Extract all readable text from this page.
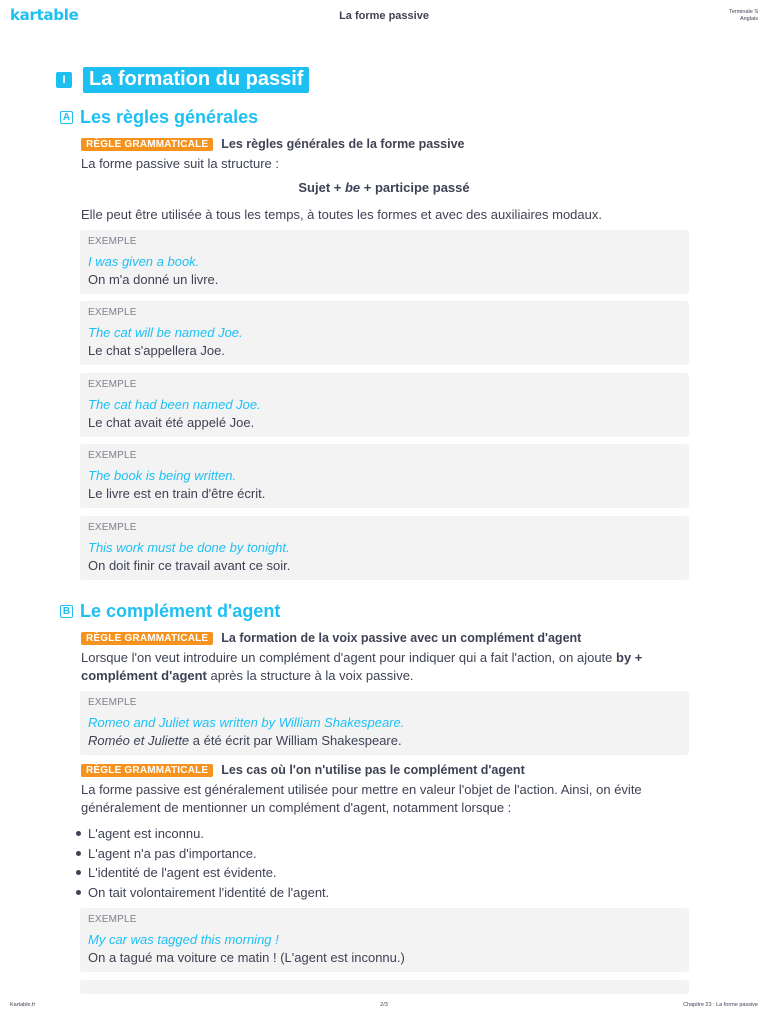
kartable	La forme passive	Terminale S
Anglais
I	La formation du passif
A Les règles générales
RÈGLE GRAMMATICALE	Les règles générales de la forme passive
La forme passive suit la structure :
Sujet + be + participe passé
Elle peut être utilisée à tous les temps, à toutes les formes et avec des auxiliaires modaux.
EXEMPLE
I was given a book.
On m'a donné un livre.
EXEMPLE
The cat will be named Joe.
Le chat s'appellera Joe.
EXEMPLE
The cat had been named Joe.
Le chat avait été appelé Joe.
EXEMPLE
The book is being written.
Le livre est en train d'être écrit.
EXEMPLE
This work must be done by tonight.
On doit finir ce travail avant ce soir.
B Le complément d'agent
RÈGLE GRAMMATICALE	La formation de la voix passive avec un complément d'agent
Lorsque l'on veut introduire un complément d'agent pour indiquer qui a fait l'action, on ajoute by +
complément d'agent après la structure à la voix passive.
EXEMPLE
Romeo and Juliet was written by William Shakespeare.
Roméo et Juliette a été écrit par William Shakespeare.
RÈGLE GRAMMATICALE	Les cas où l'on n'utilise pas le complément d'agent
La forme passive est généralement utilisée pour mettre en valeur l'objet de l'action. Ainsi, on évite généralement de mentionner un complément d'agent, notamment lorsque :
L'agent est inconnu.
L'agent n'a pas d'importance.
L'identité de l'agent est évidente.
On tait volontairement l'identité de l'agent.
EXEMPLE
My car was tagged this morning !
On a tagué ma voiture ce matin ! (L'agent est inconnu.)
Kartable.fr	2/3	Chapitre 23 : La forme passive
